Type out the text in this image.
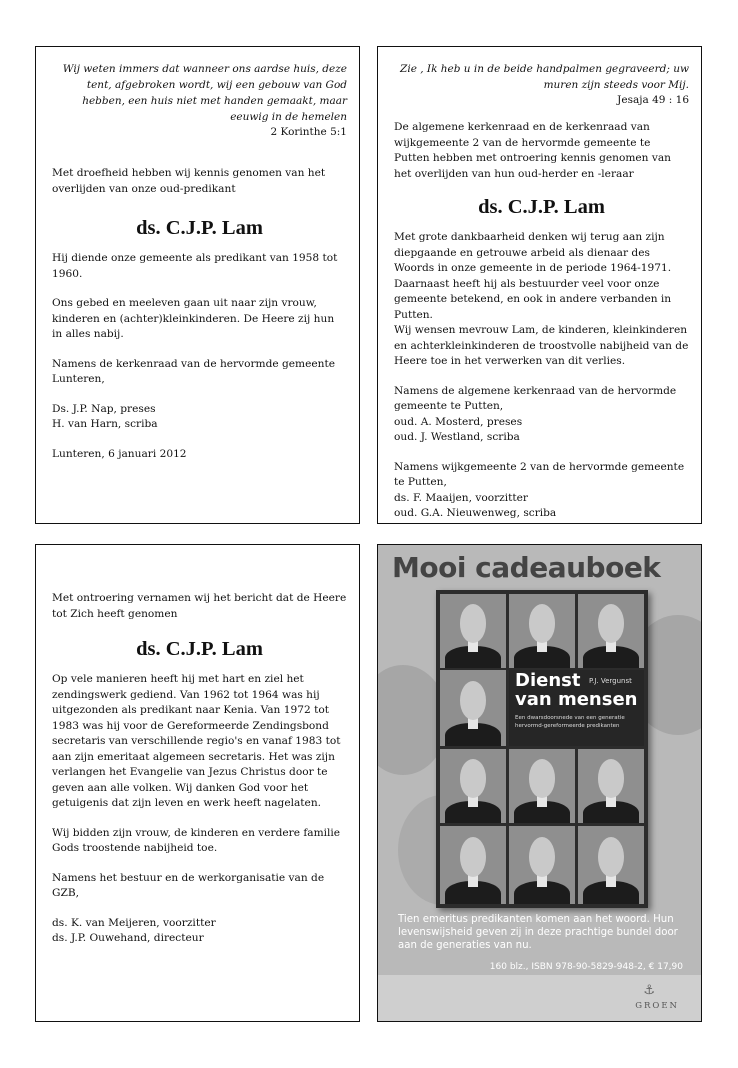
Wij weten immers dat wanneer ons aardse huis, deze tent, afgebroken wordt, wij een gebouw van God hebben, een huis niet met handen gemaakt, maar eeuwig in de hemelen
2 Korinthe 5:1

Met droefheid hebben wij kennis genomen van het overlijden van onze oud-predikant

ds. C.J.P. Lam

Hij diende onze gemeente als predikant van 1958 tot 1960.

Ons gebed en meeleven gaan uit naar zijn vrouw, kinderen en (achter)kleinkinderen. De Heere zij hun in alles nabij.

Namens de kerkenraad van de hervormde gemeente Lunteren,

Ds. J.P. Nap, preses

H. van Harn, scriba

Lunteren, 6 januari 2012

Zie , Ik heb u in de beide handpalmen gegraveerd; uw muren zijn steeds voor Mij.
Jesaja 49 : 16

De algemene kerkenraad en de kerkenraad van wijkgemeente 2 van de hervormde gemeente te Putten hebben met ontroering kennis genomen van het overlijden van hun oud-herder en -leraar

ds. C.J.P. Lam

Met grote dankbaarheid denken wij terug aan zijn diepgaande en getrouwe arbeid als dienaar des Woords in onze gemeente in de periode 1964-1971. Daarnaast heeft hij als bestuurder veel voor onze gemeente betekend, en ook in andere verbanden in Putten.

Wij wensen mevrouw Lam, de kinderen, kleinkinderen en achterkleinkinderen de troostvolle nabijheid van de Heere toe in het verwerken van dit verlies.

Namens de algemene kerkenraad van de hervormde gemeente te Putten,

oud. A. Mosterd, preses

oud. J. Westland, scriba

Namens wijkgemeente 2 van de hervormde gemeente te Putten,

ds. F. Maaijen, voorzitter

oud. G.A. Nieuwenweg, scriba

Met ontroering vernamen wij het bericht dat de Heere tot Zich heeft genomen

ds. C.J.P. Lam

Op vele manieren heeft hij met hart en ziel het zendingswerk gediend. Van 1962 tot 1964 was hij uitgezonden als predikant naar Kenia. Van 1972 tot 1983 was hij voor de Gereformeerde Zendingsbond secretaris van verschillende regio's en vanaf 1983 tot aan zijn emeritaat algemeen secretaris. Het was zijn verlangen het Evangelie van Jezus Christus door te geven aan alle volken. Wij danken God voor het getuigenis dat zijn leven en werk heeft nagelaten.

Wij bidden zijn vrouw, de kinderen en verdere familie Gods troostende nabijheid toe.

Namens het bestuur en de werkorganisatie van de GZB,

ds. K. van Meijeren, voorzitter

ds. J.P. Ouwehand, directeur

Mooi cadeauboek
Dienst P.J. Vergunst
van mensen
Een dwarsdoorsnede van een generatie hervormd-gereformeerde predikanten
Tien emeritus predikanten komen aan het woord. Hun levenswijsheid geven zij in deze prachtige bundel door aan de generaties van nu.
160 blz., ISBN 978-90-5829-948-2, € 17,90
⚓
GROEN
